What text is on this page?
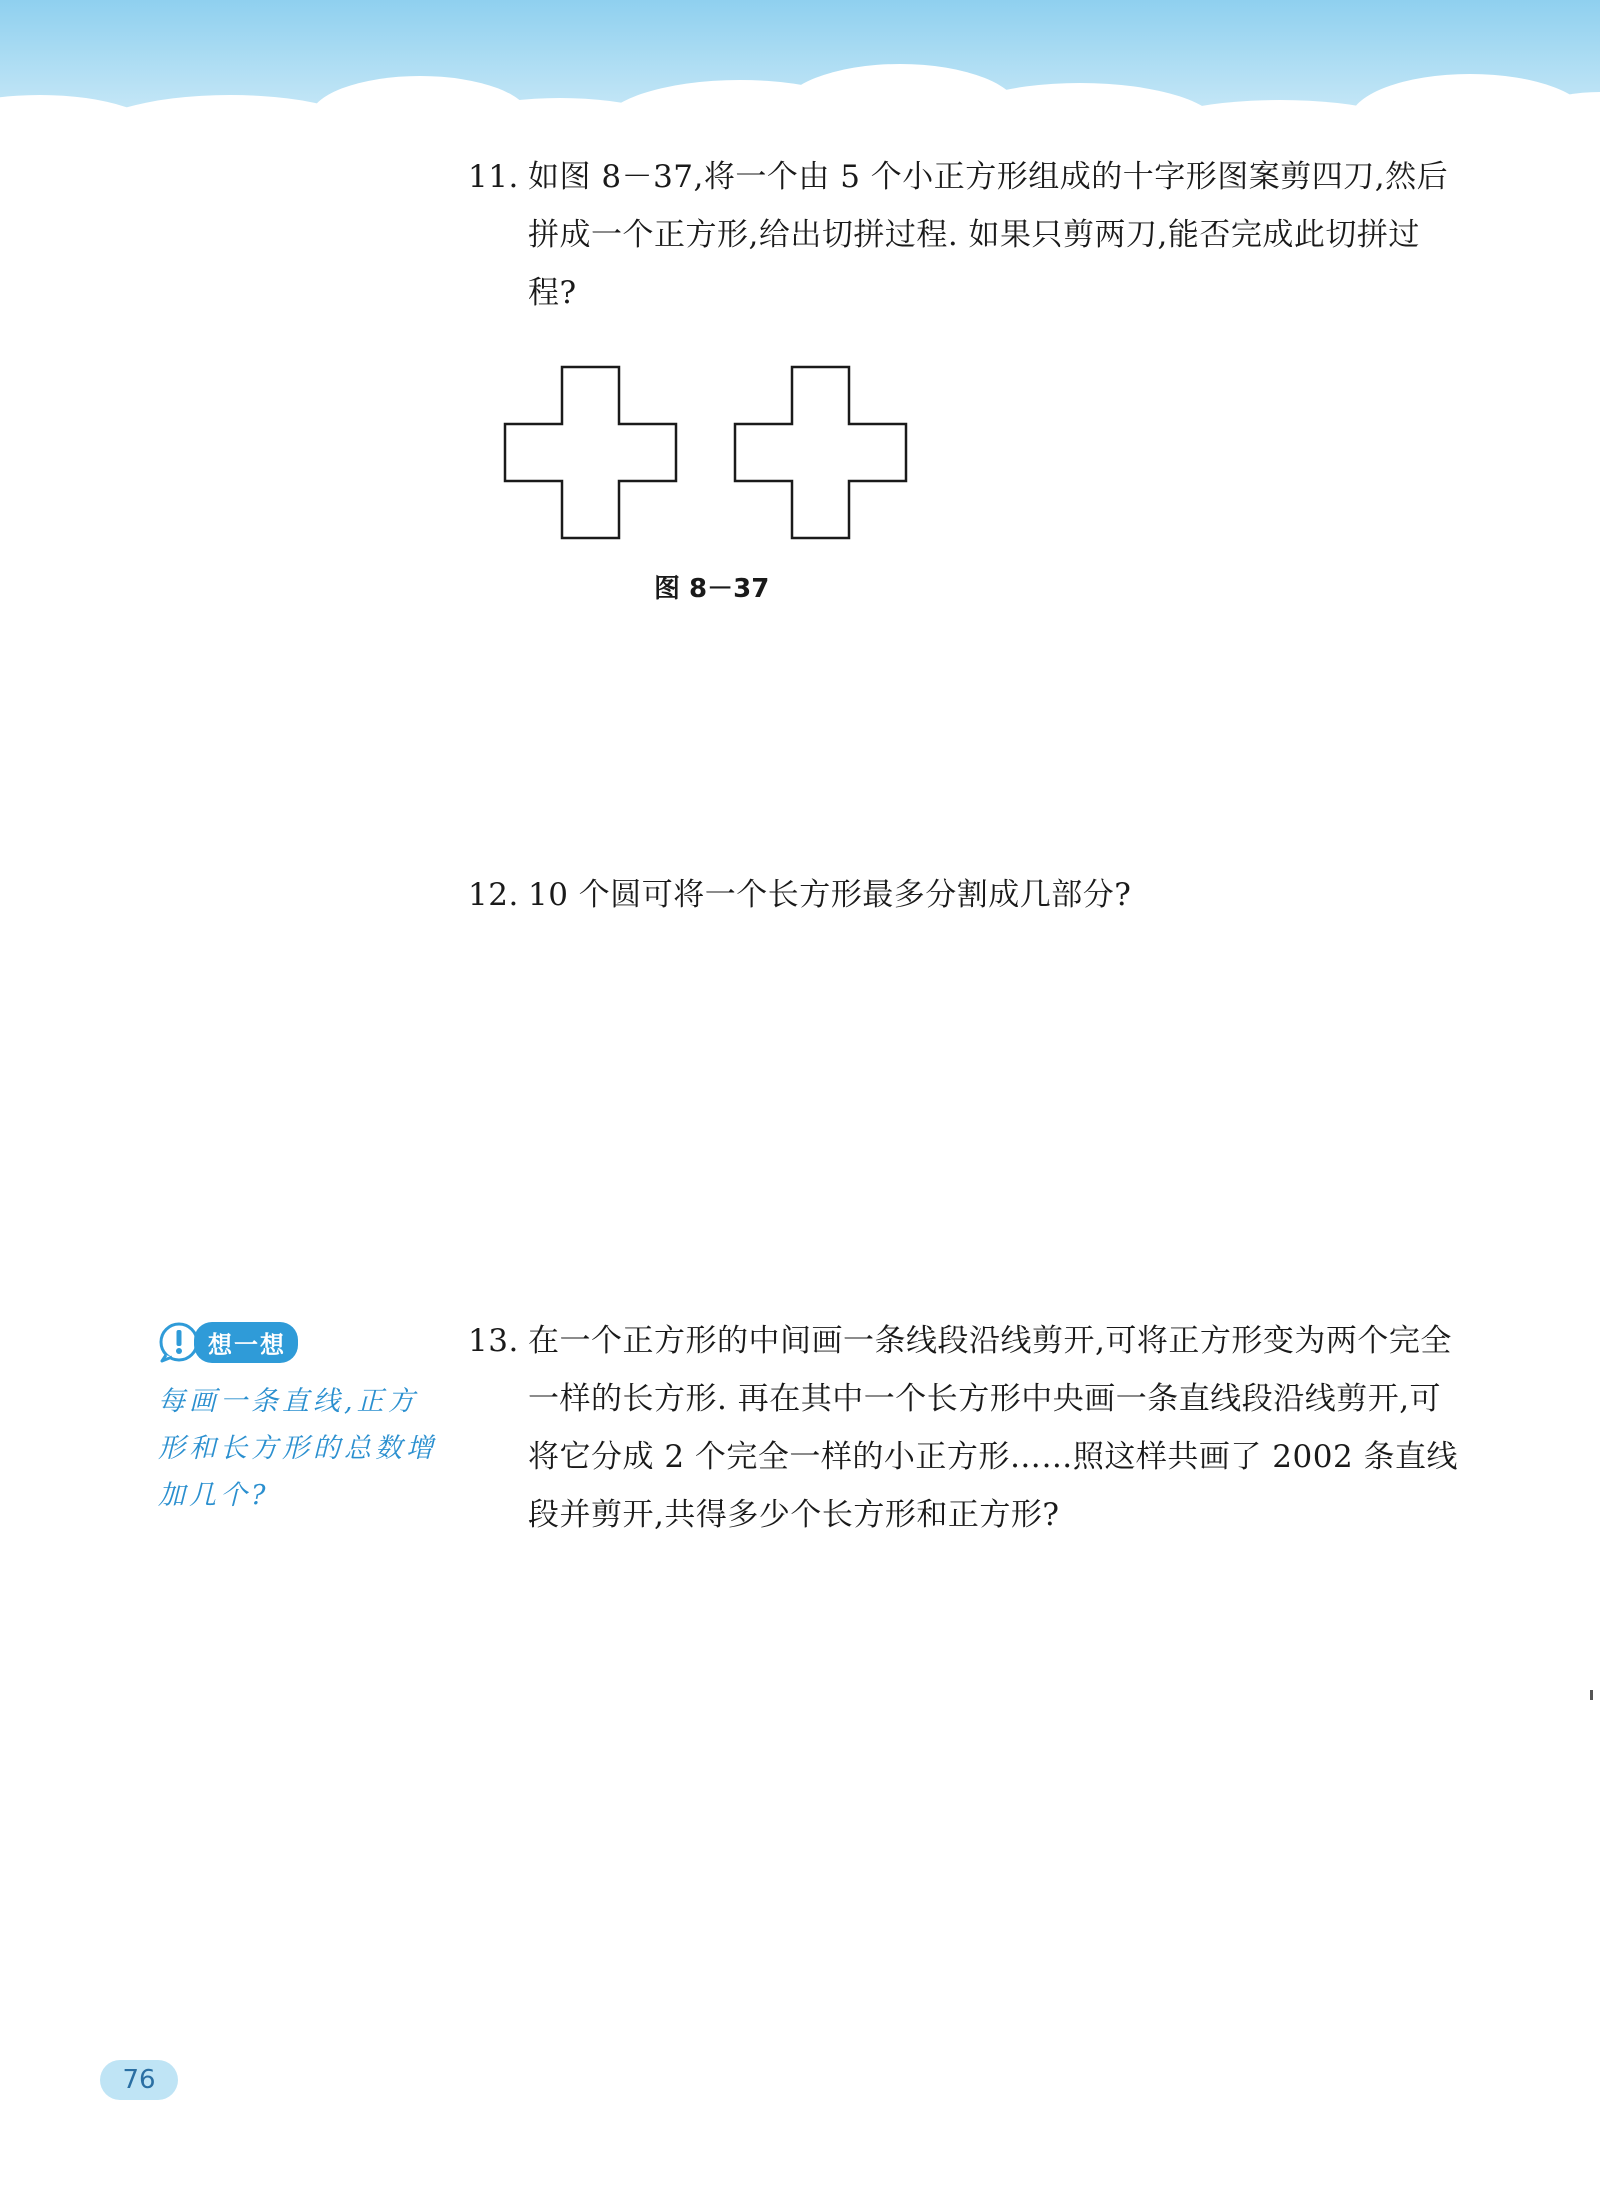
11. 如图 8－37,将一个由 5 个小正方形组成的十字形图案剪四刀,然后拼成一个正方形,给出切拼过程. 如果只剪两刀,能否完成此切拼过程?
图 8－37
12. 10 个圆可将一个长方形最多分割成几部分?
想一想
每画一条直线,正方形和长方形的总数增加几个?
13. 在一个正方形的中间画一条线段沿线剪开,可将正方形变为两个完全一样的长方形. 再在其中一个长方形中央画一条直线段沿线剪开,可将它分成 2 个完全一样的小正方形……照这样共画了 2002 条直线段并剪开,共得多少个长方形和正方形?
76
